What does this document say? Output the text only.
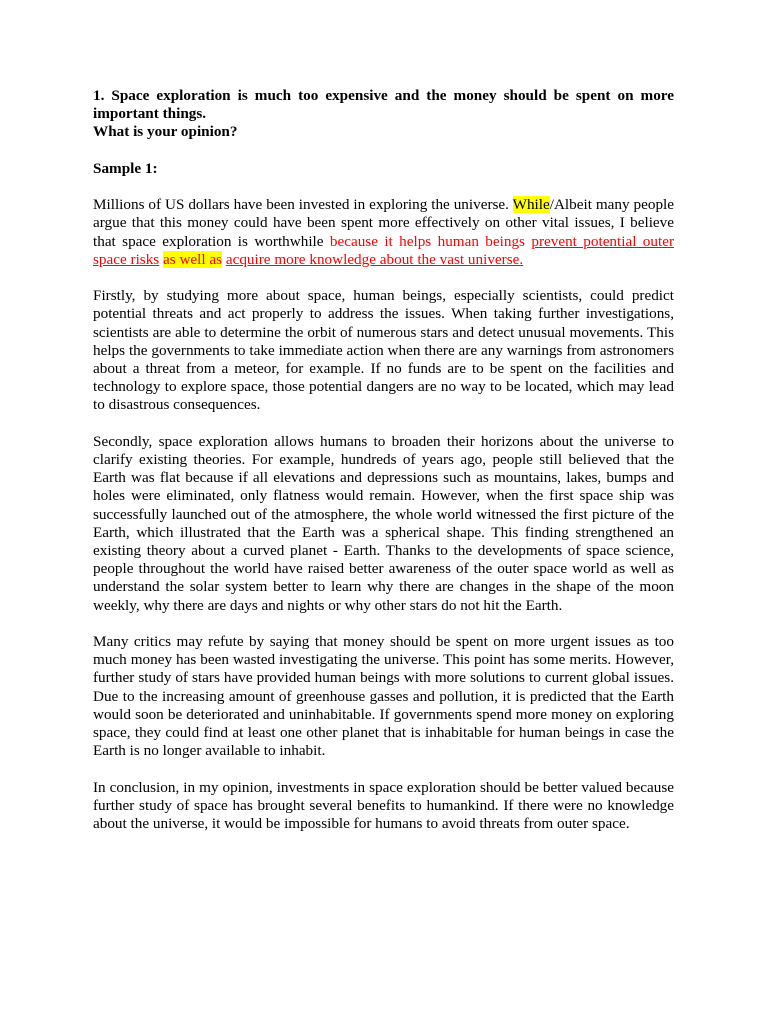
1. Space exploration is much too expensive and the money should be spent on more important things.
What is your opinion?

Sample 1:

Millions of US dollars have been invested in exploring the universe. While/Albeit many people argue that this money could have been spent more effectively on other vital issues, I believe that space exploration is worthwhile because it helps human beings prevent potential outer space risks as well as acquire more knowledge about the vast universe.

Firstly, by studying more about space, human beings, especially scientists, could predict potential threats and act properly to address the issues. When taking further investigations, scientists are able to determine the orbit of numerous stars and detect unusual movements. This helps the governments to take immediate action when there are any warnings from astronomers about a threat from a meteor, for example. If no funds are to be spent on the facilities and technology to explore space, those potential dangers are no way to be located, which may lead to disastrous consequences.

Secondly, space exploration allows humans to broaden their horizons about the universe to clarify existing theories. For example, hundreds of years ago, people still believed that the Earth was flat because if all elevations and depressions such as mountains, lakes, bumps and holes were eliminated, only flatness would remain. However, when the first space ship was successfully launched out of the atmosphere, the whole world witnessed the first picture of the Earth, which illustrated that the Earth was a spherical shape. This finding strengthened an existing theory about a curved planet - Earth. Thanks to the developments of space science, people throughout the world have raised better awareness of the outer space world as well as understand the solar system better to learn why there are changes in the shape of the moon weekly, why there are days and nights or why other stars do not hit the Earth.

Many critics may refute by saying that money should be spent on more urgent issues as too much money has been wasted investigating the universe. This point has some merits. However, further study of stars have provided human beings with more solutions to current global issues. Due to the increasing amount of greenhouse gasses and pollution, it is predicted that the Earth would soon be deteriorated and uninhabitable. If governments spend more money on exploring space, they could find at least one other planet that is inhabitable for human beings in case the Earth is no longer available to inhabit.

In conclusion, in my opinion, investments in space exploration should be better valued because further study of space has brought several benefits to humankind. If there were no knowledge about the universe, it would be impossible for humans to avoid threats from outer space.
